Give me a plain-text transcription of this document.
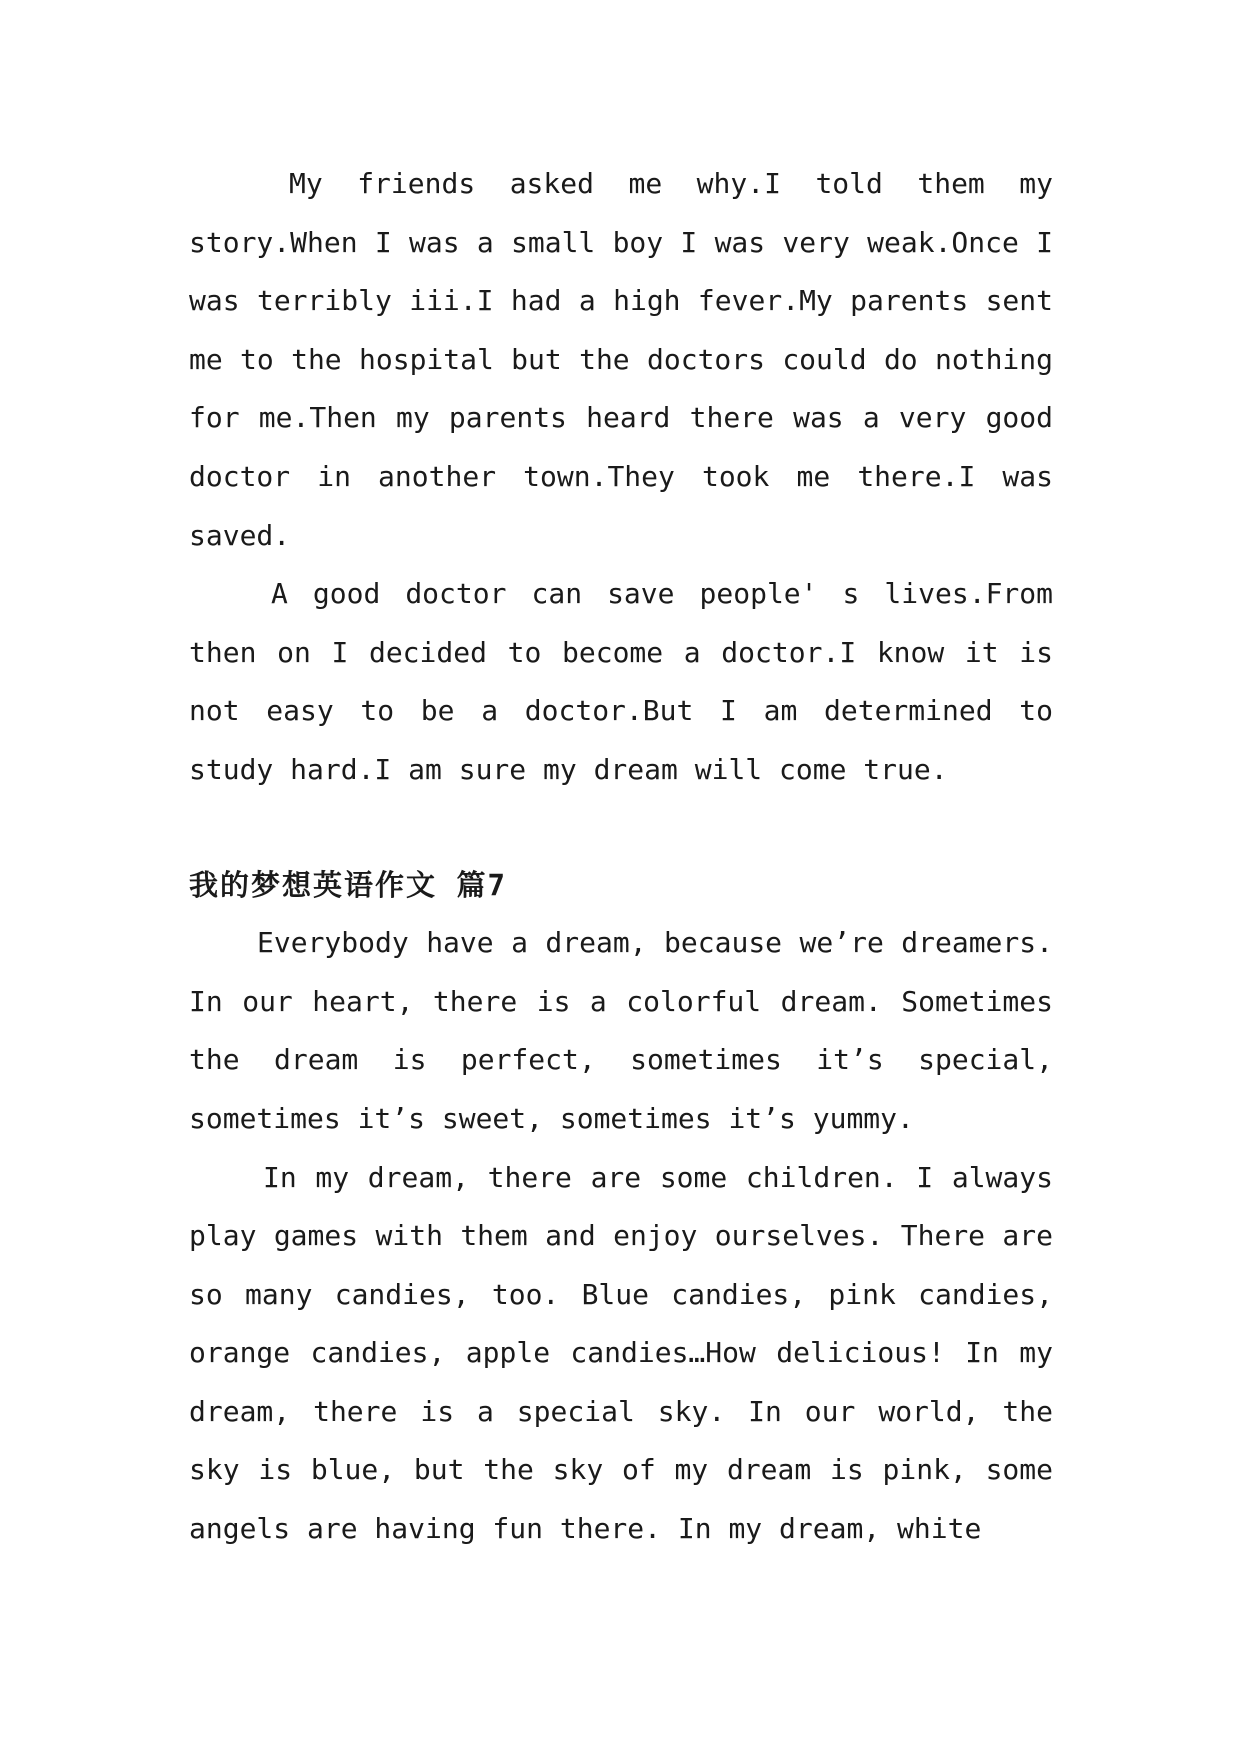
My friends asked me why.I told them my story.When I was a small boy I was very weak.Once I was terribly iii.I had a high fever.My parents sent me to the hospital but the doctors could do nothing for me.Then my parents heard there was a very good doctor in another town.They took me there.I was saved.

A good doctor can save people' s lives.From then on I decided to become a doctor.I know it is not easy to be a doctor.But I am determined to study hard.I am sure my dream will come true.

我的梦想英语作文 篇7

Everybody have a dream, because we’re dreamers. In our heart, there is a colorful dream. Sometimes the dream is perfect, sometimes it’s special, sometimes it’s sweet, sometimes it’s yummy.

In my dream, there are some children. I always play games with them and enjoy ourselves. There are so many candies, too. Blue candies, pink candies, orange candies, apple candies…How delicious! In my dream, there is a special sky. In our world, the sky is blue, but the sky of my dream is pink, some angels are having fun there. In my dream, white
